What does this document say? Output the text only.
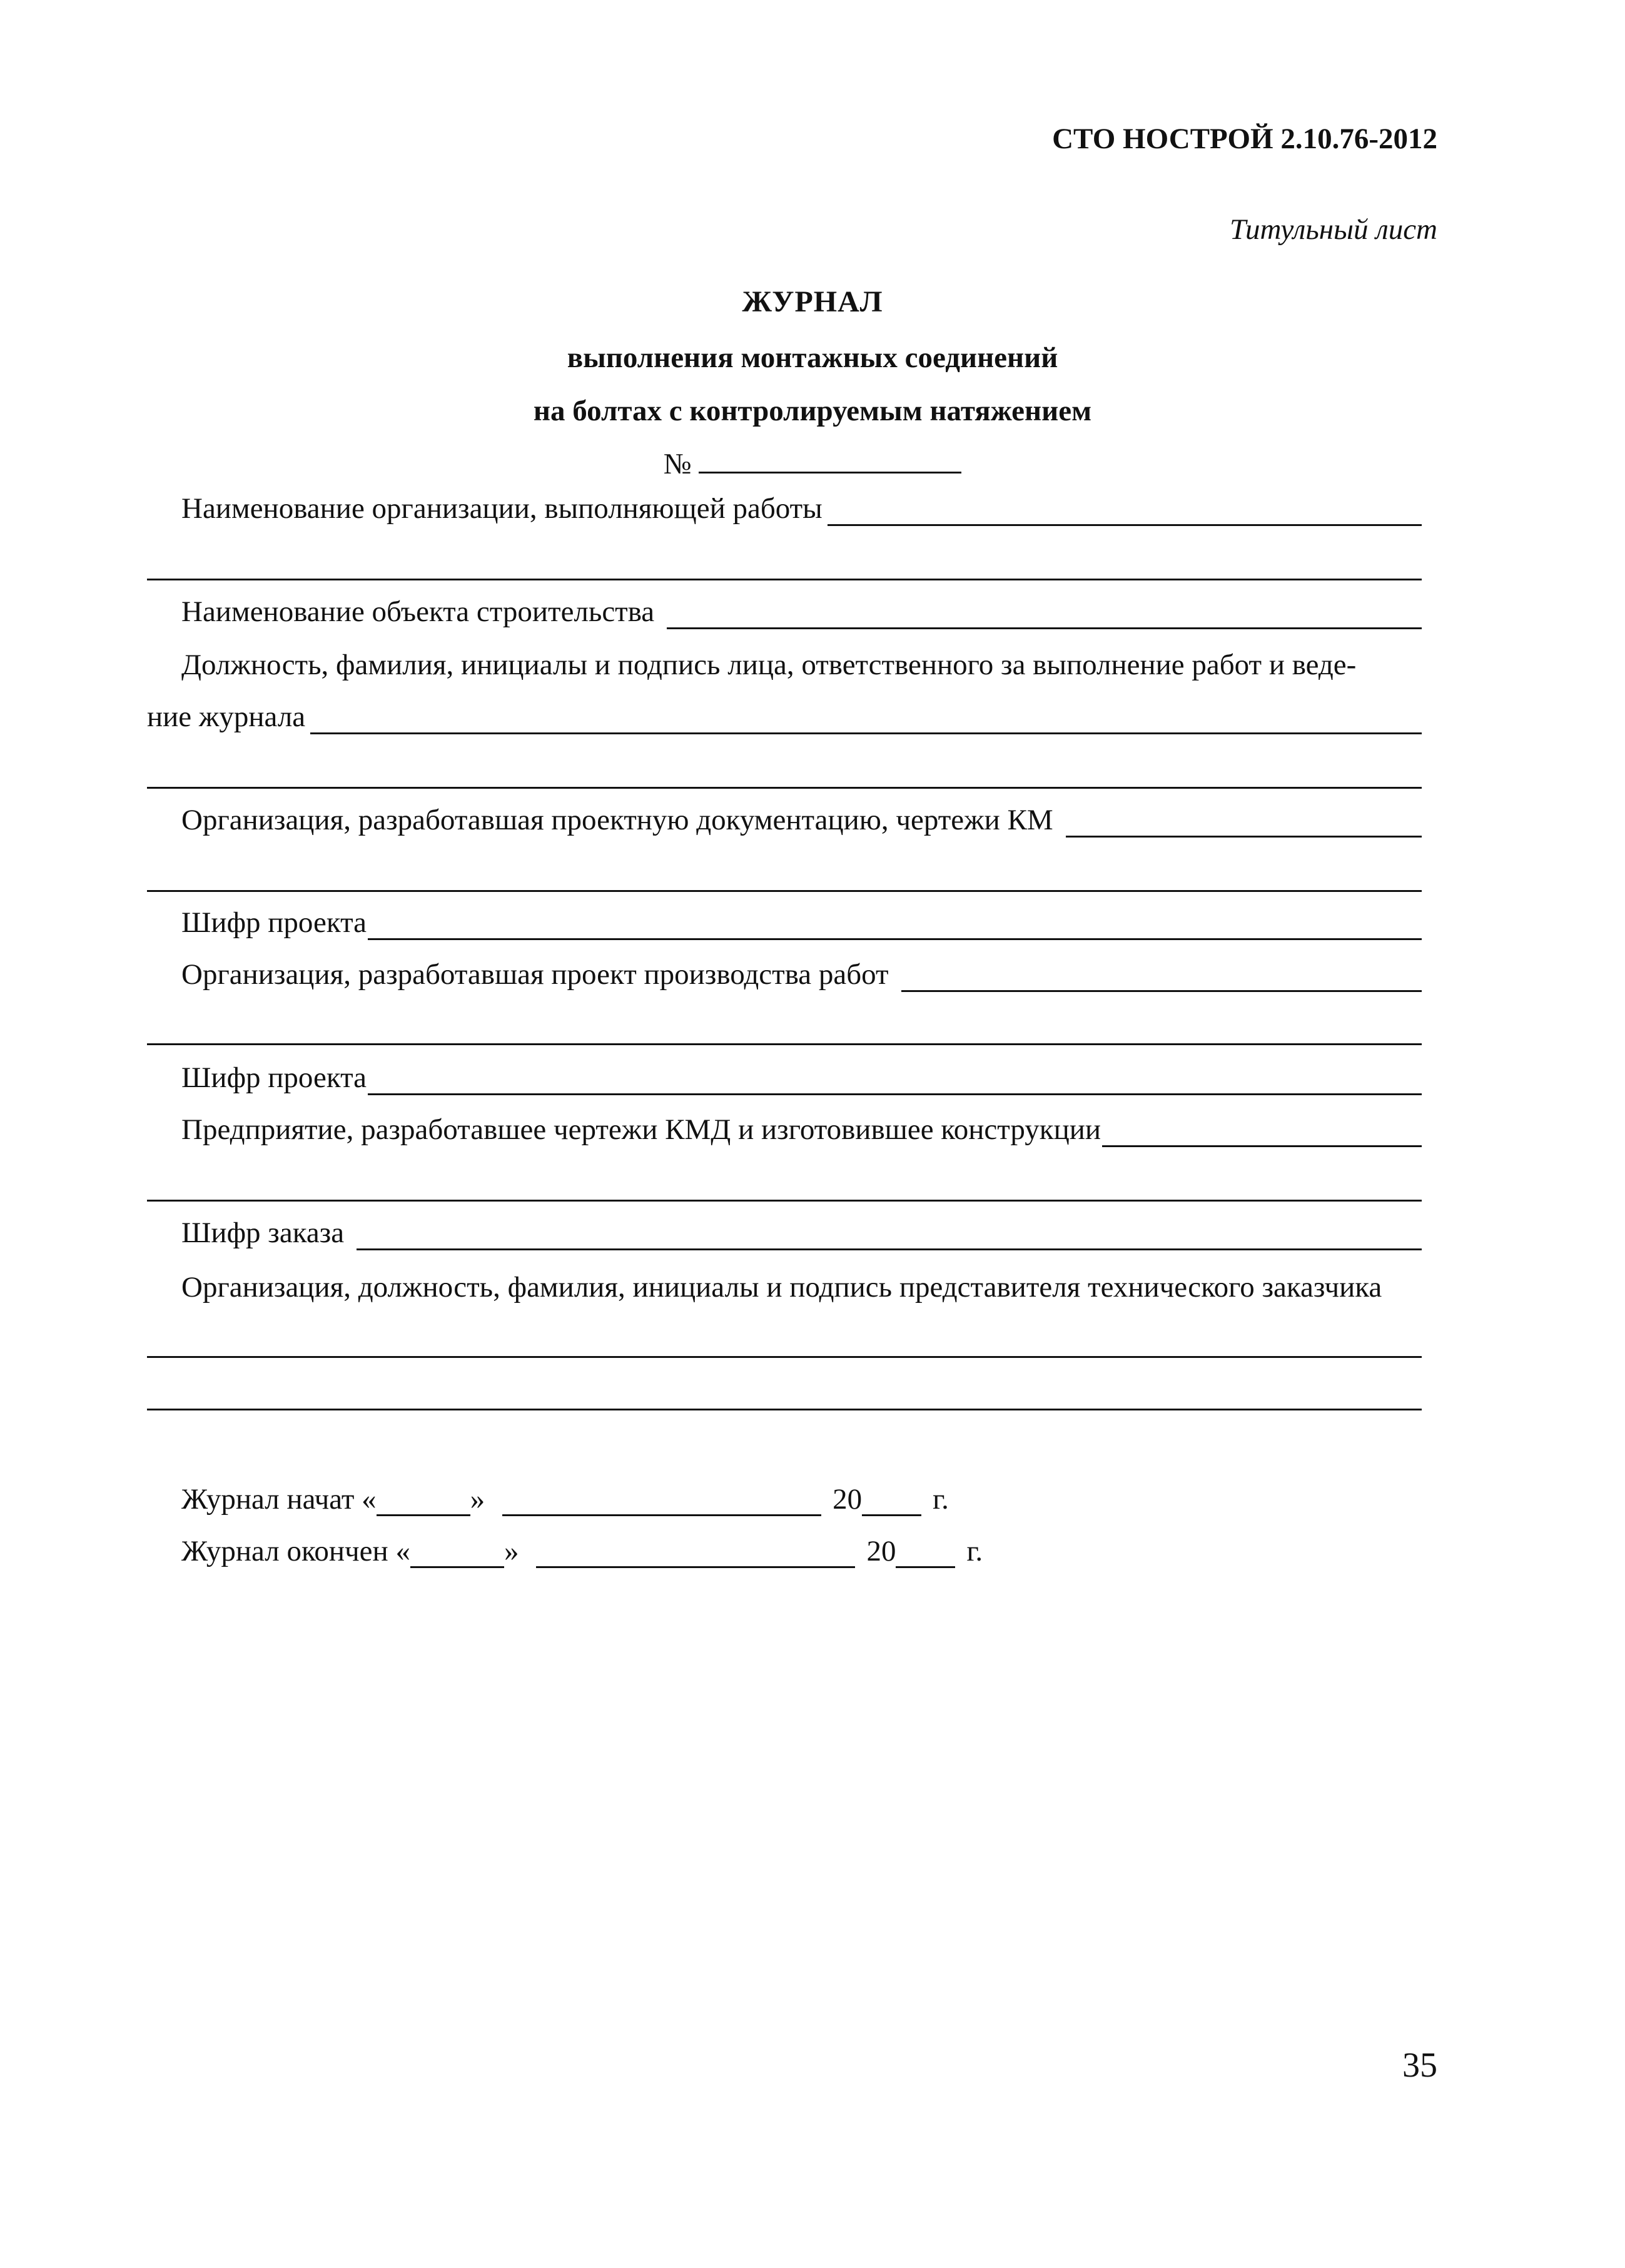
СТО НОСТРОЙ 2.10.76-2012
Титульный лист
ЖУРНАЛ
выполнения монтажных соединений
на болтах с контролируемым натяжением
№
Наименование организации, выполняющей работы
Наименование объекта строительства
Должность, фамилия, инициалы и подпись лица, ответственного за выполнение работ и веде-
ние журнала
Организация, разработавшая проектную документацию, чертежи КМ
Шифр проекта
Организация, разработавшая проект производства работ
Шифр проекта
Предприятие, разработавшее чертежи КМД и изготовившее конструкции
Шифр заказа
Организация, должность, фамилия, инициалы и подпись представителя технического заказчика
Журнал начат «	»	20 г.
Журнал окончен «	»	20 г.
35
